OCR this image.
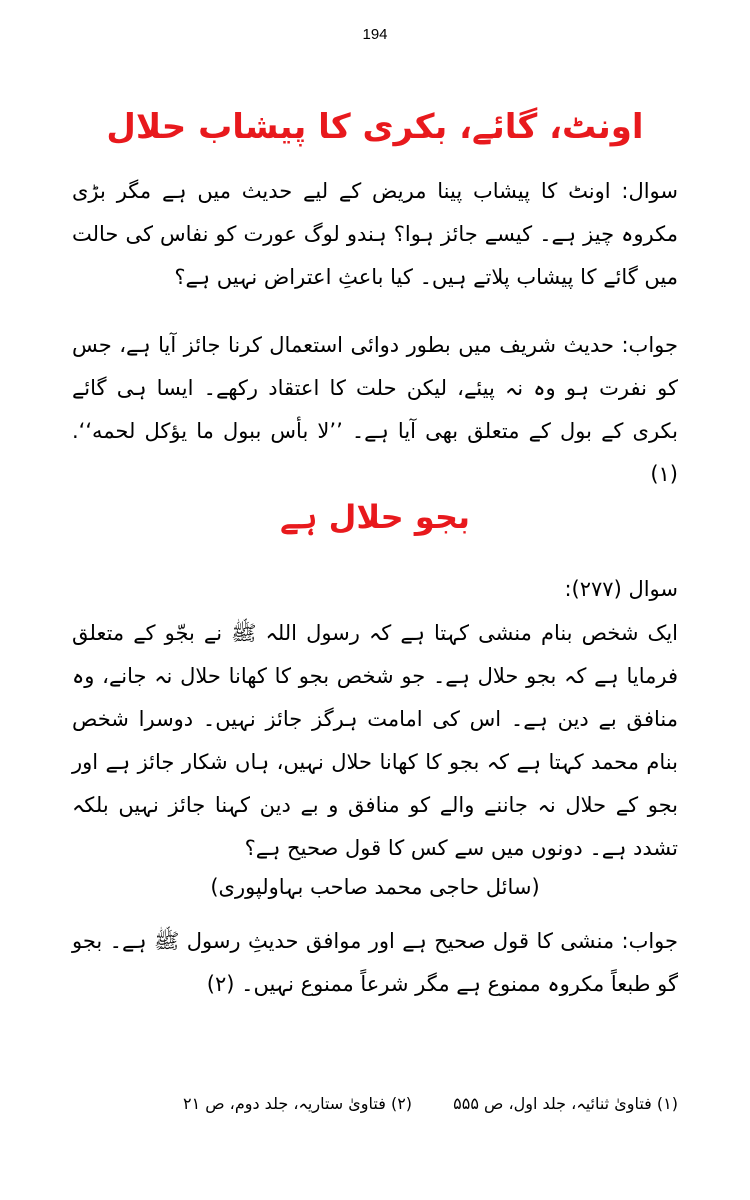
194
اونٹ، گائے، بکری کا پیشاب حلال

سوال: اونٹ کا پیشاب پینا مریض کے لیے حدیث میں ہے مگر بڑی مکروہ چیز ہے۔ کیسے جائز ہوا؟ ہندو لوگ عورت کو نفاس کی حالت میں گائے کا پیشاب پلاتے ہیں۔ کیا باعثِ اعتراض نہیں ہے؟

جواب: حدیث شریف میں بطور دوائی استعمال کرنا جائز آیا ہے، جس کو نفرت ہو وہ نہ پیئے، لیکن حلت کا اعتقاد رکھے۔ ایسا ہی گائے بکری کے بول کے متعلق بھی آیا ہے۔ ’’لا بأس ببول ما يؤكل لحمه‘‘. (۱)

بجو حلال ہے

سوال (۲۷۷):

ایک شخص بنام منشی کہتا ہے کہ رسول اللہ ﷺ نے بجّو کے متعلق فرمایا ہے کہ بجو حلال ہے۔ جو شخص بجو کا کھانا حلال نہ جانے، وہ منافق بے دین ہے۔ اس کی امامت ہرگز جائز نہیں۔ دوسرا شخص بنام محمد کہتا ہے کہ بجو کا کھانا حلال نہیں، ہاں شکار جائز ہے اور بجو کے حلال نہ جاننے والے کو منافق و بے دین کہنا جائز نہیں بلکہ تشدد ہے۔ دونوں میں سے کس کا قول صحیح ہے؟

(سائل حاجی محمد صاحب بہاولپوری)

جواب: منشی کا قول صحیح ہے اور موافق حدیثِ رسول ﷺ ہے۔ بجو گو طبعاً مکروہ ممنوع ہے مگر شرعاً ممنوع نہیں۔ (۲)

(۱) فتاویٰ ثنائیہ، جلد اول، ص ۵۵۵ (۲) فتاویٰ ستاریہ، جلد دوم، ص ۲۱
